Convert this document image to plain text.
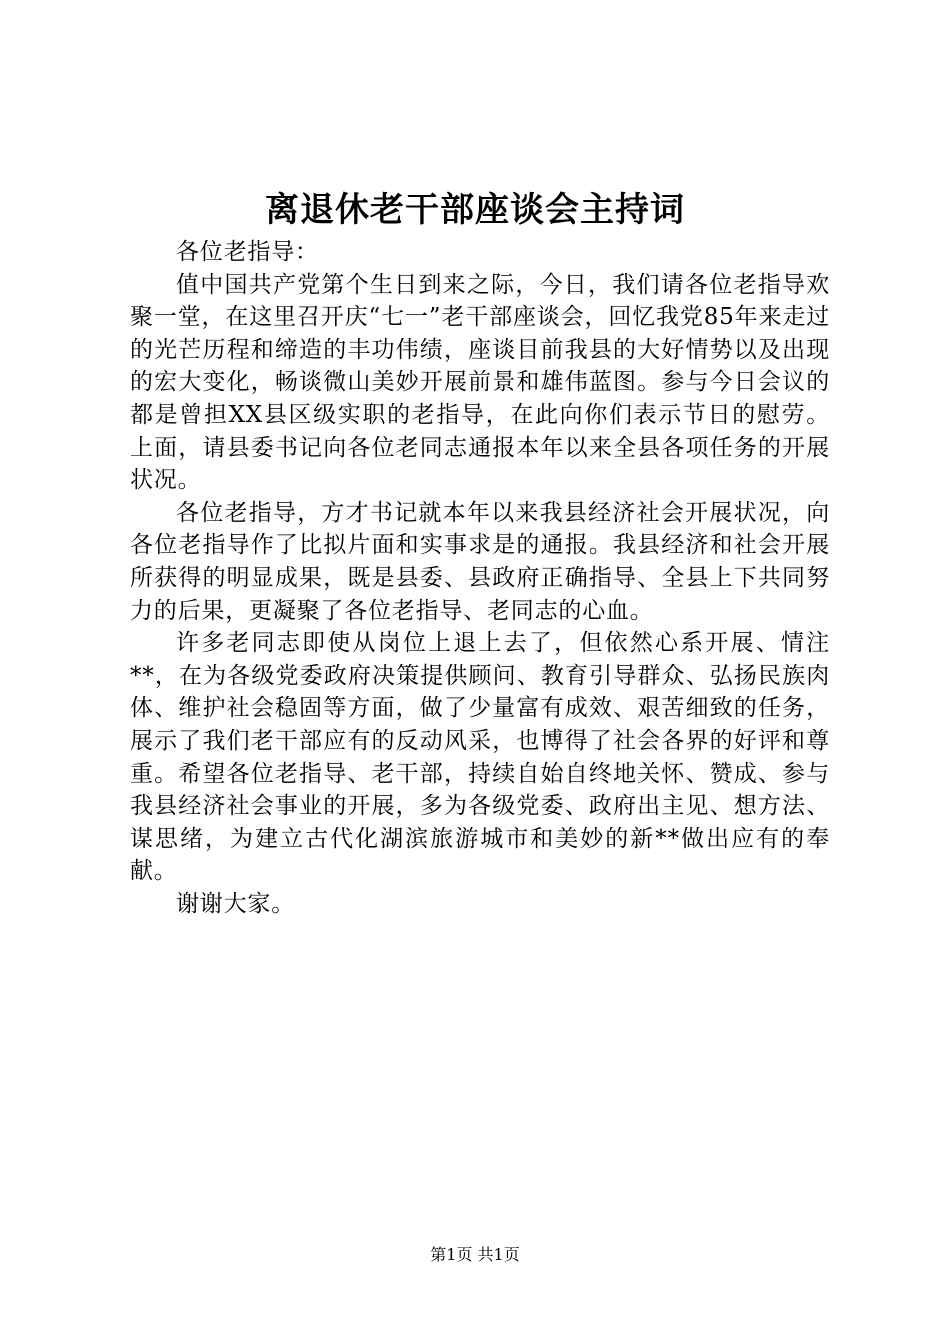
离退休老干部座谈会主持词

各位老指导：

值中国共产党第个生日到来之际，今日，我们请各位老指导欢聚一堂，在这里召开庆“七一”老干部座谈会，回忆我党85年来走过的光芒历程和缔造的丰功伟绩，座谈目前我县的大好情势以及出现的宏大变化，畅谈微山美妙开展前景和雄伟蓝图。参与今日会议的都是曾担XX县区级实职的老指导，在此向你们表示节日的慰劳。上面，请县委书记向各位老同志通报本年以来全县各项任务的开展状况。

各位老指导，方才书记就本年以来我县经济社会开展状况，向各位老指导作了比拟片面和实事求是的通报。我县经济和社会开展所获得的明显成果，既是县委、县政府正确指导、全县上下共同努力的后果，更凝聚了各位老指导、老同志的心血。

许多老同志即使从岗位上退上去了，但依然心系开展、情注**，在为各级党委政府决策提供顾问、教育引导群众、弘扬民族肉体、维护社会稳固等方面，做了少量富有成效、艰苦细致的任务，展示了我们老干部应有的反动风采，也博得了社会各界的好评和尊重。希望各位老指导、老干部，持续自始自终地关怀、赞成、参与我县经济社会事业的开展，多为各级党委、政府出主见、想方法、谋思绪，为建立古代化湖滨旅游城市和美妙的新**做出应有的奉献。

谢谢大家。

第1页 共1页
